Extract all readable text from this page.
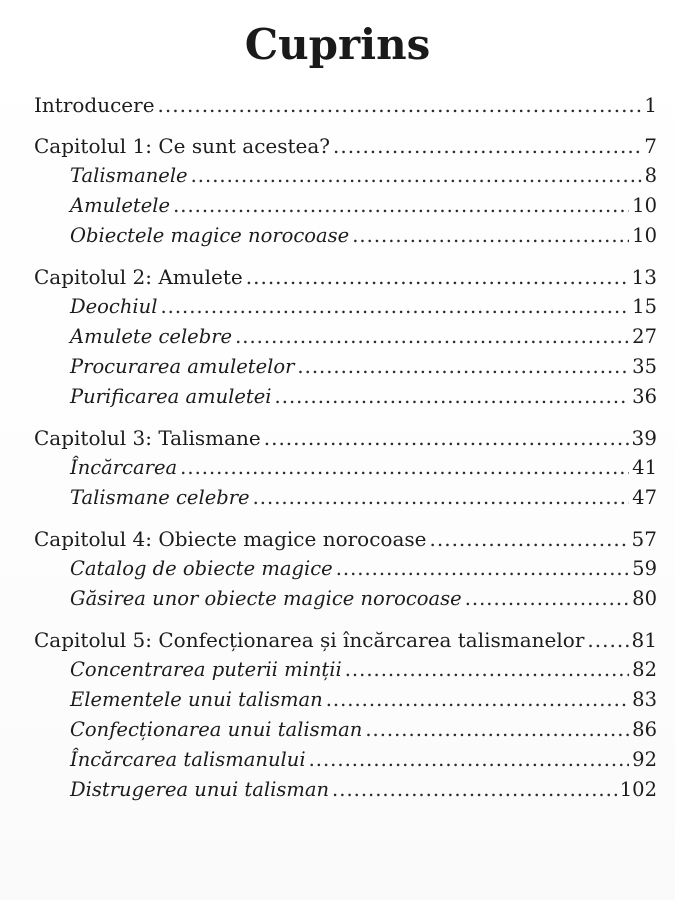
Cuprins
Introducere .....	1
Capitolul 1: Ce sunt acestea? .....	7
Talismanele .....	8
Amuletele .....	10
Obiectele magice norocoase .....	10
Capitolul 2: Amulete .....	13
Deochiul .....	15
Amulete celebre .....	27
Procurarea amuletelor .....	35
Purificarea amuletei .....	36
Capitolul 3: Talismane .....	39
Încărcarea .....	41
Talismane celebre .....	47
Capitolul 4: Obiecte magice norocoase .....	57
Catalog de obiecte magice .....	59
Găsirea unor obiecte magice norocoase .....	80
Capitolul 5: Confecționarea și încărcarea talismanelor ..... 81
Concentrarea puterii minții .....	82
Elementele unui talisman .....	83
Confecționarea unui talisman .....	86
Încărcarea talismanului .....	92
Distrugerea unui talisman .....	102
